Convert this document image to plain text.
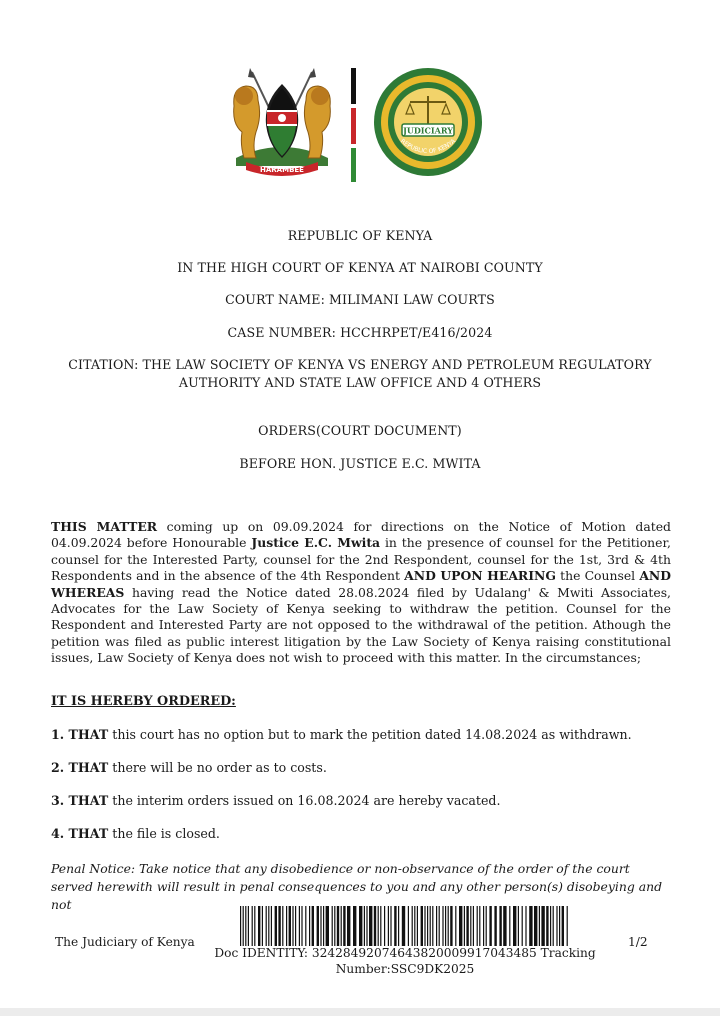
HARAMBEE
JUDICIARY
REPUBLIC OF KENYA
REPUBLIC OF KENYA
IN THE HIGH COURT OF KENYA AT NAIROBI COUNTY
COURT NAME: MILIMANI LAW COURTS
CASE NUMBER: HCCHRPET/E416/2024
CITATION: THE LAW SOCIETY OF KENYA VS ENERGY AND PETROLEUM REGULATORY
AUTHORITY AND STATE LAW OFFICE AND 4 OTHERS
ORDERS(COURT DOCUMENT)
BEFORE HON. JUSTICE E.C. MWITA
THIS MATTER coming up on 09.09.2024 for directions on the Notice of Motion dated 04.09.2024 before Honourable Justice E.C. Mwita in the presence of counsel for the Petitioner, counsel for the Interested Party, counsel for the 2nd Respondent, counsel for the 1st, 3rd & 4th Respondents and in the absence of the 4th Respondent AND UPON HEARING the Counsel AND WHEREAS having read the Notice dated 28.08.2024 filed by Udalang' & Mwiti Associates, Advocates for the Law Society of Kenya seeking to withdraw the petition. Counsel for the Respondent and Interested Party are not opposed to the withdrawal of the petition. Athough the petition was filed as public interest litigation by the Law Society of Kenya raising constitutional issues, Law Society of Kenya does not wish to proceed with this matter. In the circumstances;
IT IS HEREBY ORDERED:
1. THAT this court has no option but to mark the petition dated 14.08.2024 as withdrawn.
2. THAT there will be no order as to costs.
3. THAT the interim orders issued on 16.08.2024 are hereby vacated.
4. THAT the file is closed.
Penal Notice: Take notice that any disobedience or non-observance of the order of the court served herewith will result in penal consequences to you and any other person(s) disobeying and not
The Judiciary of Kenya
Doc IDENTITY: 32428492074643820009917043485 Tracking
Number:SSC9DK2025
1/2
